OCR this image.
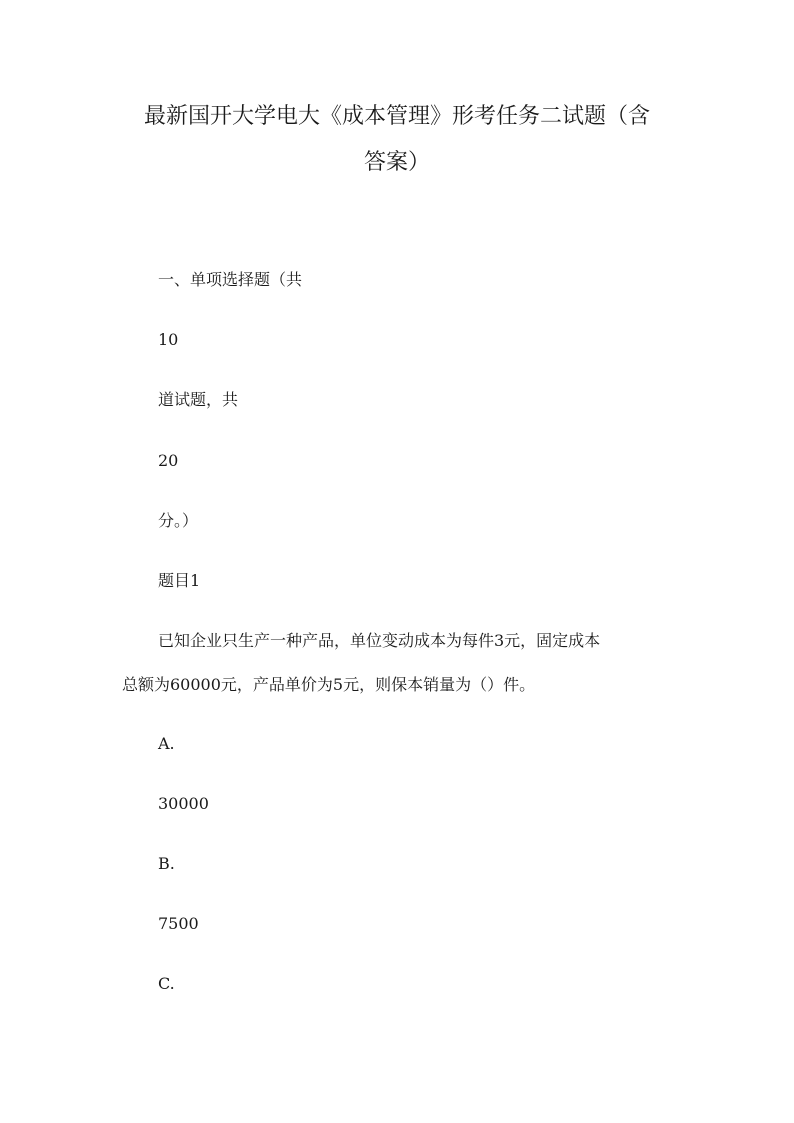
最新国开大学电大《成本管理》形考任务二试题（含
答案）
一、单项选择题（共
10
道试题，共
20
分。）
题目1
已知企业只生产一种产品，单位变动成本为每件3元，固定成本
总额为60000元，产品单价为5元，则保本销量为（）件。
A.
30000
B.
7500
C.
